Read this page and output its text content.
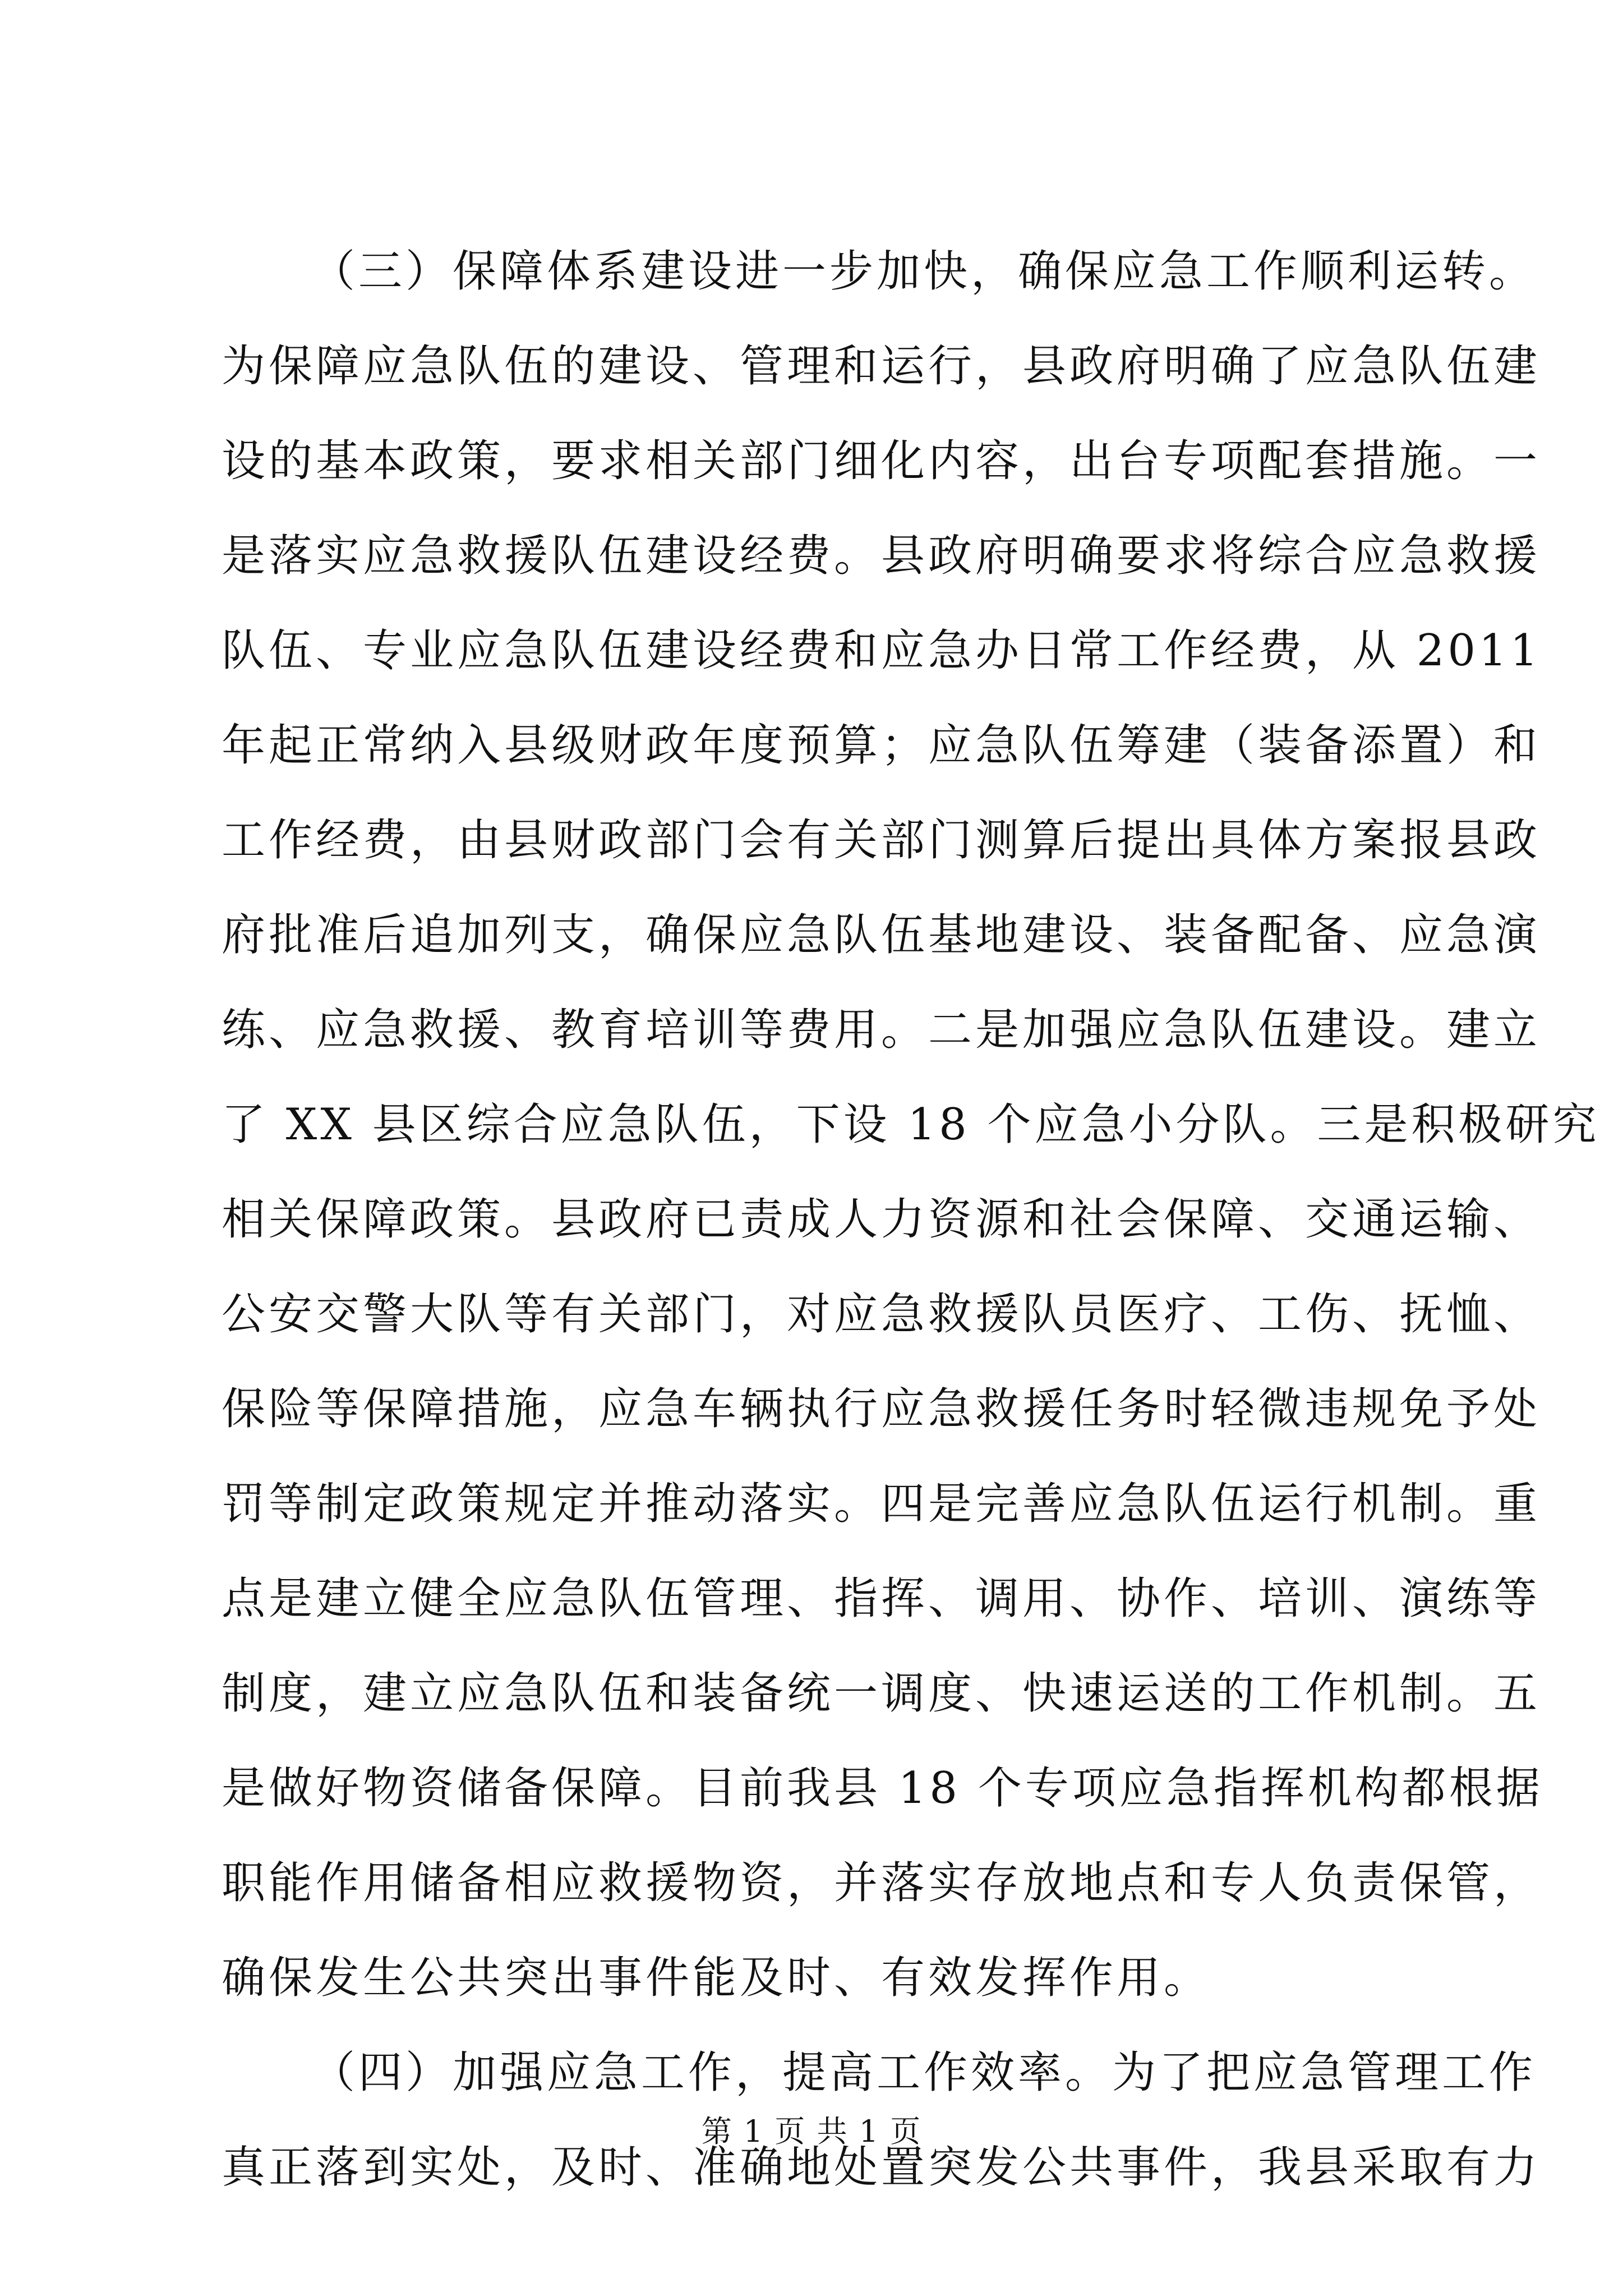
（三）保障体系建设进一步加快，确保应急工作顺利运转。
为保障应急队伍的建设、管理和运行，县政府明确了应急队伍建
设的基本政策，要求相关部门细化内容，出台专项配套措施。一
是落实应急救援队伍建设经费。县政府明确要求将综合应急救援
队伍、专业应急队伍建设经费和应急办日常工作经费，从 2011
年起正常纳入县级财政年度预算；应急队伍筹建（装备添置）和
工作经费，由县财政部门会有关部门测算后提出具体方案报县政
府批准后追加列支，确保应急队伍基地建设、装备配备、应急演
练、应急救援、教育培训等费用。二是加强应急队伍建设。建立
了 XX 县区综合应急队伍，下设 18 个应急小分队。三是积极研究
相关保障政策。县政府已责成人力资源和社会保障、交通运输、
公安交警大队等有关部门，对应急救援队员医疗、工伤、抚恤、
保险等保障措施，应急车辆执行应急救援任务时轻微违规免予处
罚等制定政策规定并推动落实。四是完善应急队伍运行机制。重
点是建立健全应急队伍管理、指挥、调用、协作、培训、演练等
制度，建立应急队伍和装备统一调度、快速运送的工作机制。五
是做好物资储备保障。目前我县 18 个专项应急指挥机构都根据
职能作用储备相应救援物资，并落实存放地点和专人负责保管，
确保发生公共突出事件能及时、有效发挥作用。
（四）加强应急工作，提高工作效率。为了把应急管理工作
真正落到实处，及时、准确地处置突发公共事件，我县采取有力
第 1 页 共 1 页
